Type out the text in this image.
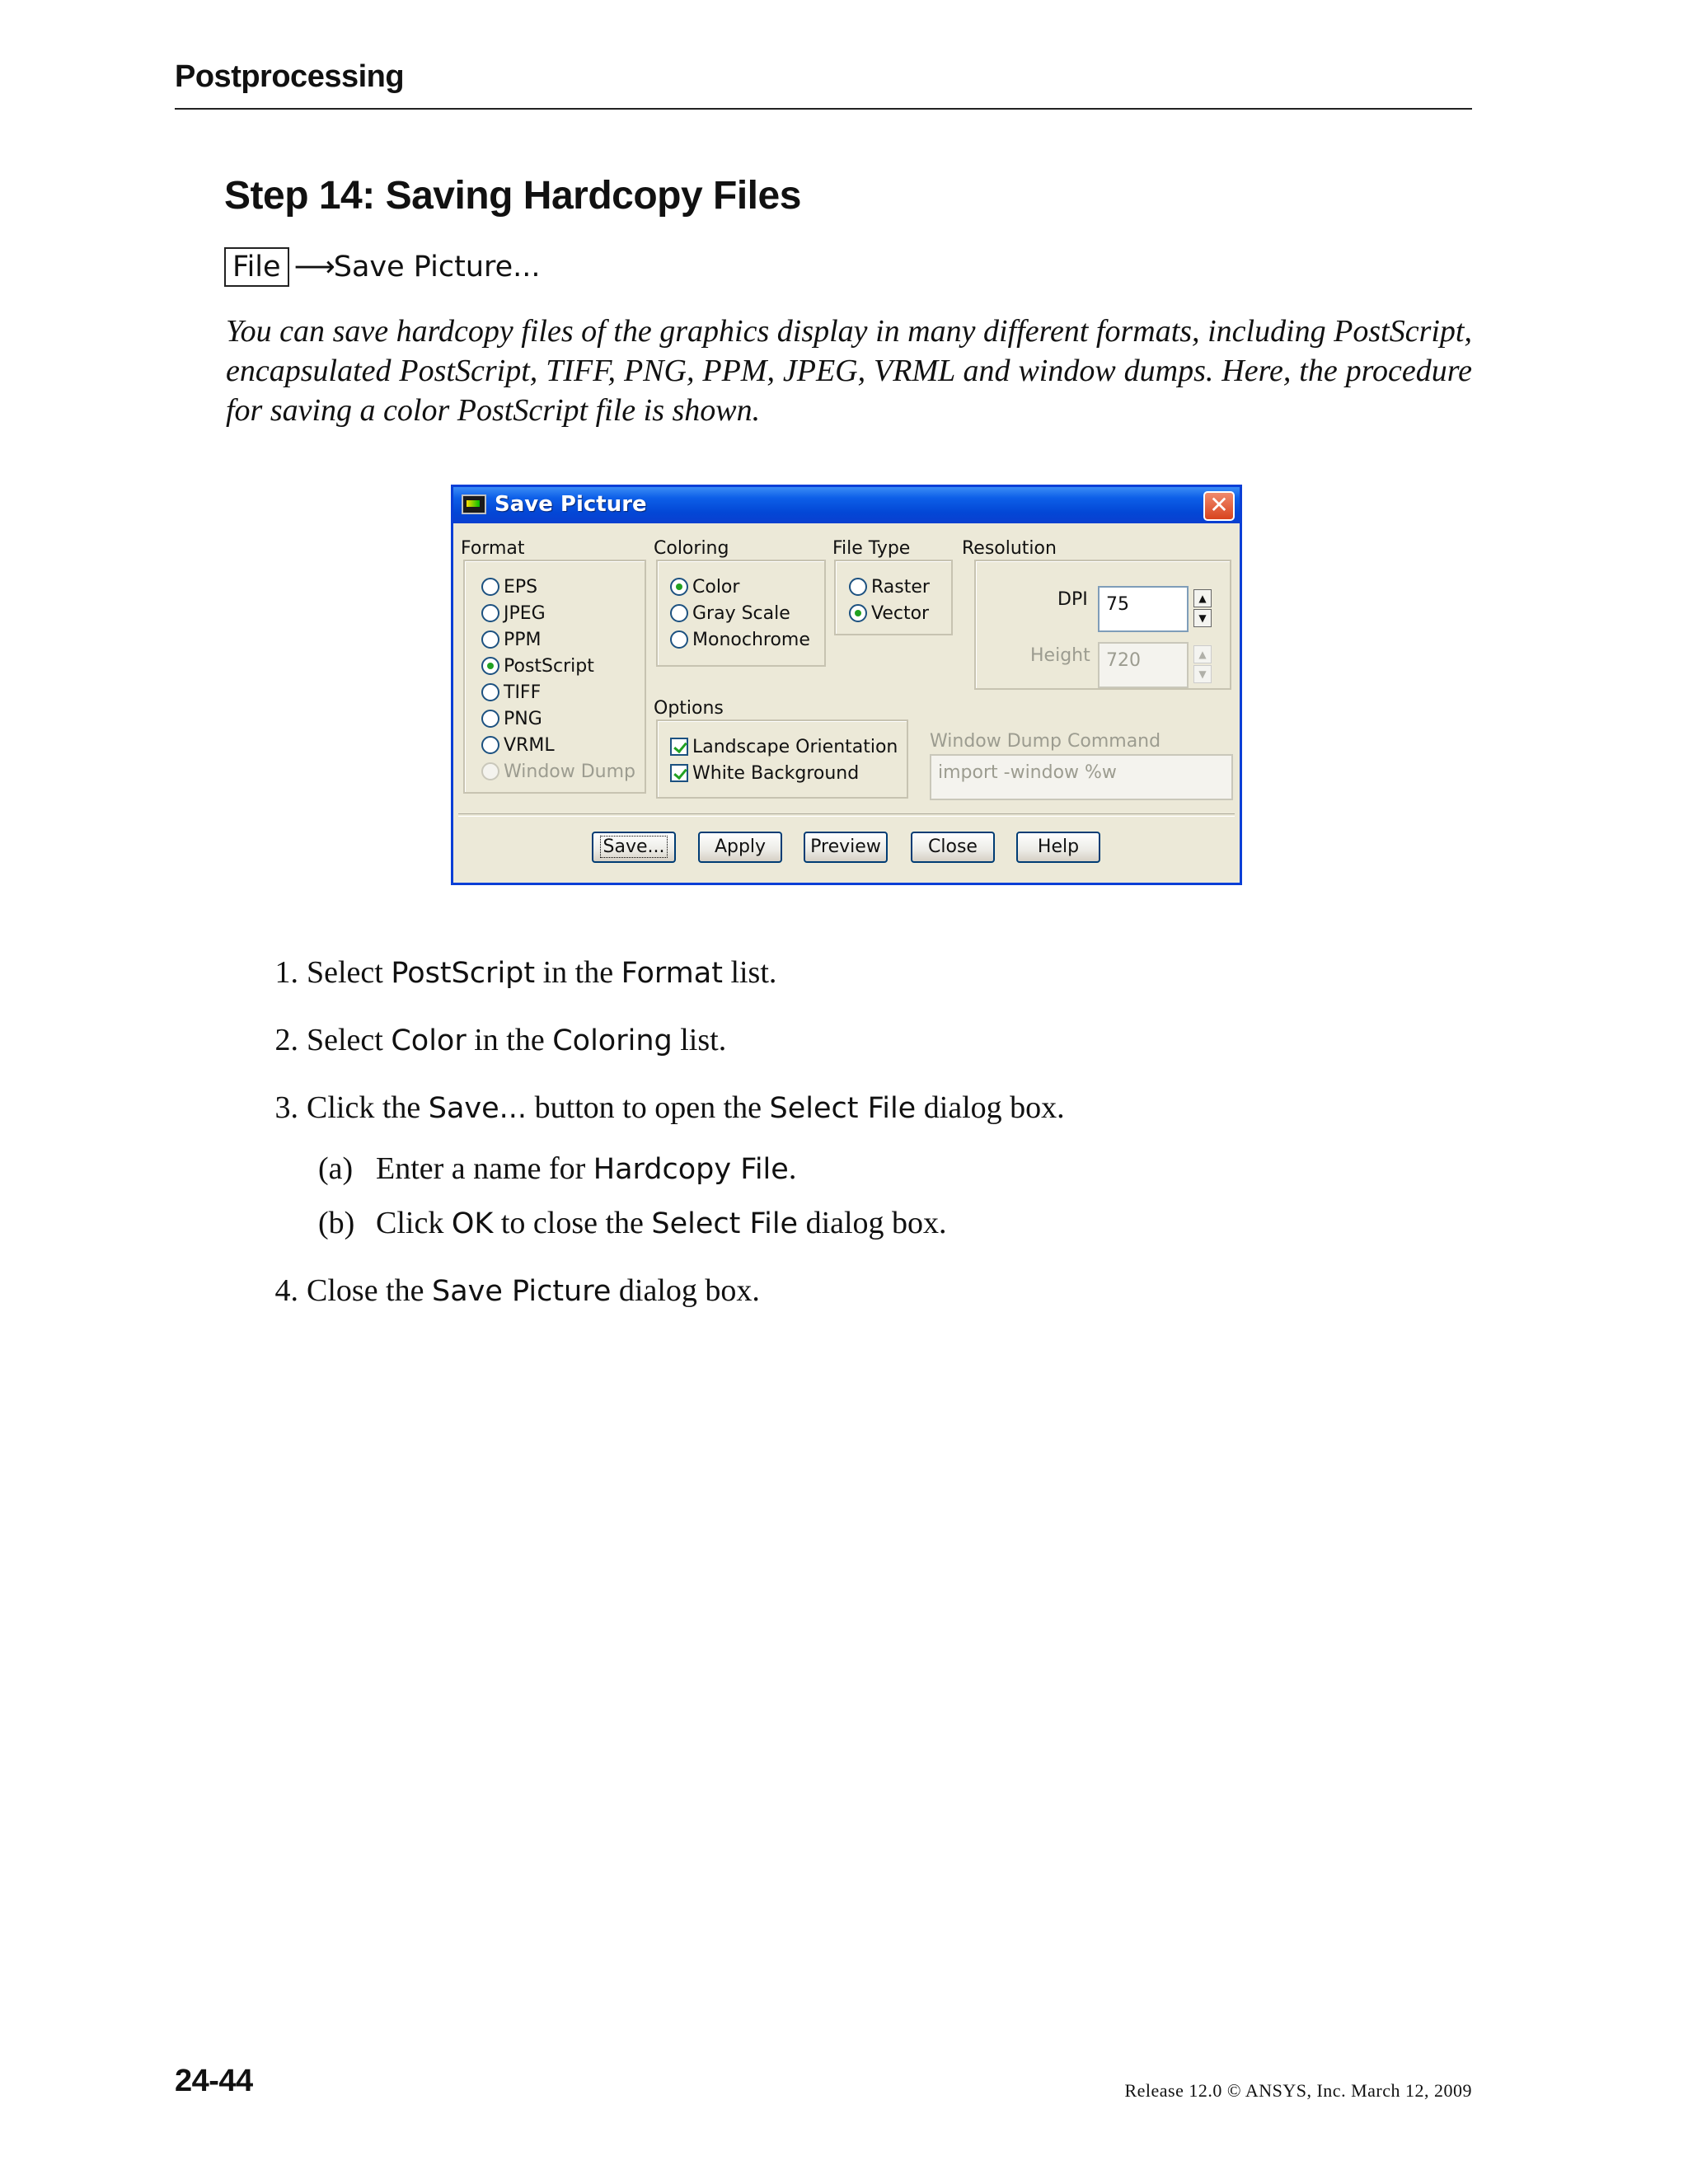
Postprocessing
Step 14: Saving Hardcopy Files
File ⟶ Save Picture...
You can save hardcopy files of the graphics display in many different formats, including PostScript, encapsulated PostScript, TIFF, PNG, PPM, JPEG, VRML and window dumps. Here, the procedure for saving a color PostScript file is shown.
Save Picture	✕
Format
EPS
JPEG
PPM
PostScript
TIFF
PNG
VRML
Window Dump
Coloring
Color
Gray Scale
Monochrome
File Type
Raster
Vector
Resolution
DPI	75	▲
▼
Height 720	▲
▼
Options
Landscape Orientation
White Background
Window Dump Command
import -window %w
Save...	Apply	Preview	Close	Help
1. Select PostScript in the Format list.
2. Select Color in the Coloring list.
3. Click the Save... button to open the Select File dialog box.
(a) Enter a name for Hardcopy File.
(b) Click OK to close the Select File dialog box.
4. Close the Save Picture dialog box.
24-44	Release 12.0 © ANSYS, Inc. March 12, 2009
